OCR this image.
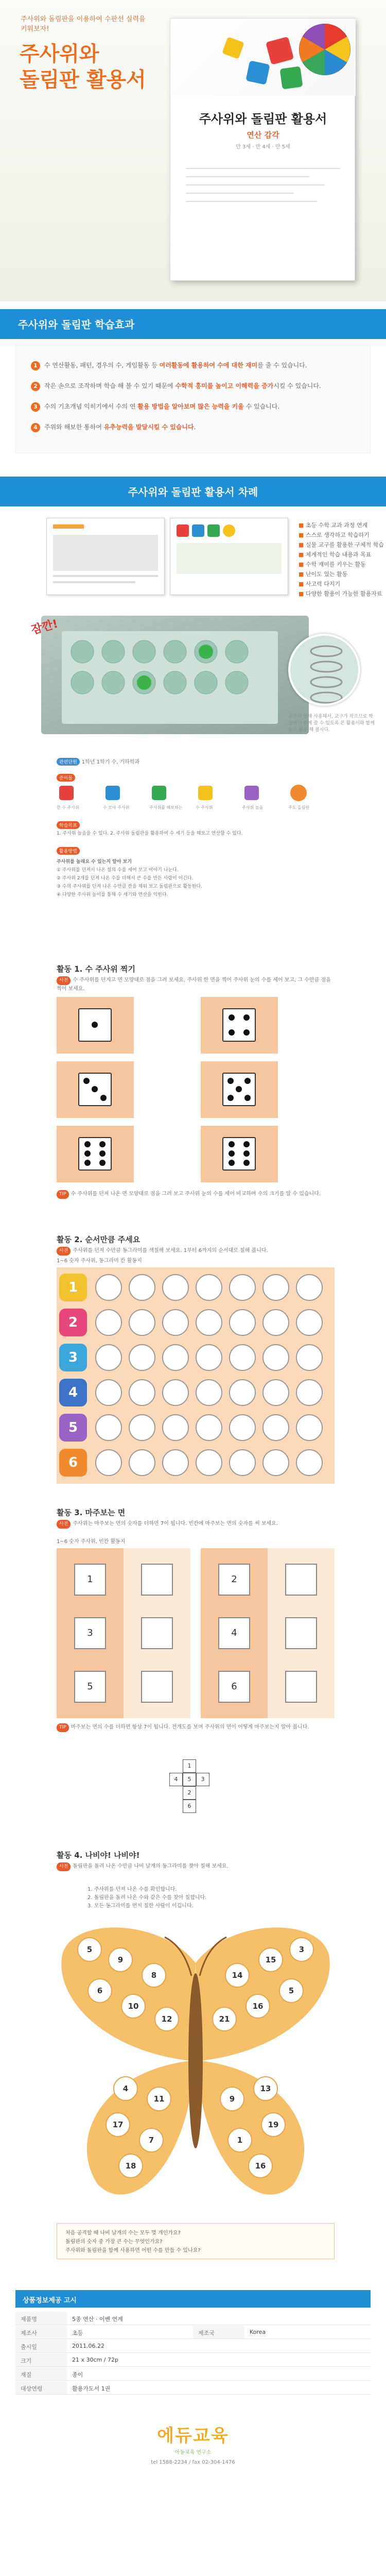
주사위와 돌림판을 이용하여 수판선 실력을
키워보자!
주사위와
돌림판 활용서
주사위와 돌림판 활용서
연산 감각
만 3세 · 만 4세 · 만 5세
주사위와 돌림판 학습효과
1 수 연산활동, 패턴, 경우의 수, 게임활동 등 여러활동에 활용하여 수에 대한 재미를 줄 수 있습니다.
2 작은 손으로 조작하며 학습 해 볼 수 있기 때문에 수학적 흥미를 높이고 이해력을 증가시킬 수 있습니다.
3 수의 기초개념 익히기에서 수의 연 활용 방법을 알아보며 많은 능력을 키울 수 있습니다.
4 주위와 해보한 통하여 유추능력을 발달시킬 수 있습니다.
주사위와 돌림판 활용서 차례
■ 초등 수학 교과 과정 연계
■ 스스로 생각하고 학습하기
■ 실물 교구를 활용한 구체적 학습
■ 체계적인 학습 내용과 목표
■ 수학 재미를 키우는 활동
■ 난이도 있는 활동
■ 사고력 다지기
■ 다양한 활용이 가능한 활용자료
잠깐!
교구의 형태 사용해서, 교구가 작으므로 학습에서 함께 쓸 수 있도록 본 활용서와 함께 놓고 활용 해 봅시다.
관련단원 1학년 1학기 수, 기하학과
준비물
한 수 주사위	수 모아 주사위	주사위를 해보하는	수 주사위	주사위 놀음	주도 돌림판
학습목표
1. 주사위 놀음을 수 있다. 2. 주사위 돌림판을 활용하여 수 세기 등을 해보고 연산할 수 있다.
활용방법
주사위를 놀래요 수 있는지 알아 보기
① 주사위를 던져서 나온 점의 수를 세어 보고 이야기 나눈다.
② 주사위 2개를 던져 나온 수를 더해서 큰 수를 만든 사람이 이긴다.
③ 수의 주사위를 던져 나온 수만큼 칸을 채워 보고 돌림판으로 활동한다.
④ 다양한 주사위 놀이를 통해 수 세기와 연산을 익힌다.
활동 1. 수 주사위 찍기
사전 수 주사위를 던지고 면 모양대로 점을 그려 보세요. 주사위 한 면을 찍어 주사위 눈의 수를 세어 보고, 그 수만큼 점을 찍어 보세요.
TIP 수 주사위를 던져 나온 면 모양대로 점을 그려 보고 주사위 눈의 수를 세어 비교하며 수의 크기를 알 수 있습니다.
활동 2. 순서만큼 주세요
사전 주사위를 던져 수만큼 동그라미를 색칠해 보세요. 1부터 6까지의 순서대로 칠해 봅니다.
1~6 숫자 주사위, 동그라미 칸 활동지
1
2
3
4
5
6
활동 3. 마주보는 면
사전 주사위는 마주보는 면의 숫자를 더하면 7이 됩니다. 빈칸에 마주보는 면의 숫자를 써 보세요.
1~6 숫자 주사위, 빈칸 활동지
1
3
5
2
4
6
TIP 마주보는 면의 수를 더하면 항상 7이 됩니다. 전개도를 보며 주사위의 면이 어떻게 마주보는지 알아 봅니다.
1
4	5	3
2
6
활동 4. 나비야! 나비야!
사전 돌림판을 돌려 나온 수만큼 나비 날개의 동그라미를 찾아 칠해 보세요.
1. 주사위를 던져 나온 수를 확인합니다.
2. 돌림판을 돌려 나온 수와 같은 수를 찾아 칠합니다.
3. 모든 동그라미를 먼저 칠한 사람이 이깁니다.
5
9
8
6
10
12
4
11
17
7
18
3
15
14
5
16
21
13
9
19
1
16
처음 공격할 때 나비 날개의 수는 모두 몇 개인가요?
돌림판의 숫자 중 가장 큰 수는 무엇인가요?
주사위와 돌림판을 함께 사용하면 어떤 수를 만들 수 있나요?
상품정보제공 고시
제품명	5종 연산 · 이벤 연계
제조사	초등	제조국	Korea
출시일	2011.06.22
크기	21 x 30cm / 72p
재질	종이
대상연령	활용가도서 1권
에듀교육
아동교육 연구소
tel 1588-2234 / fax 02-304-1476
